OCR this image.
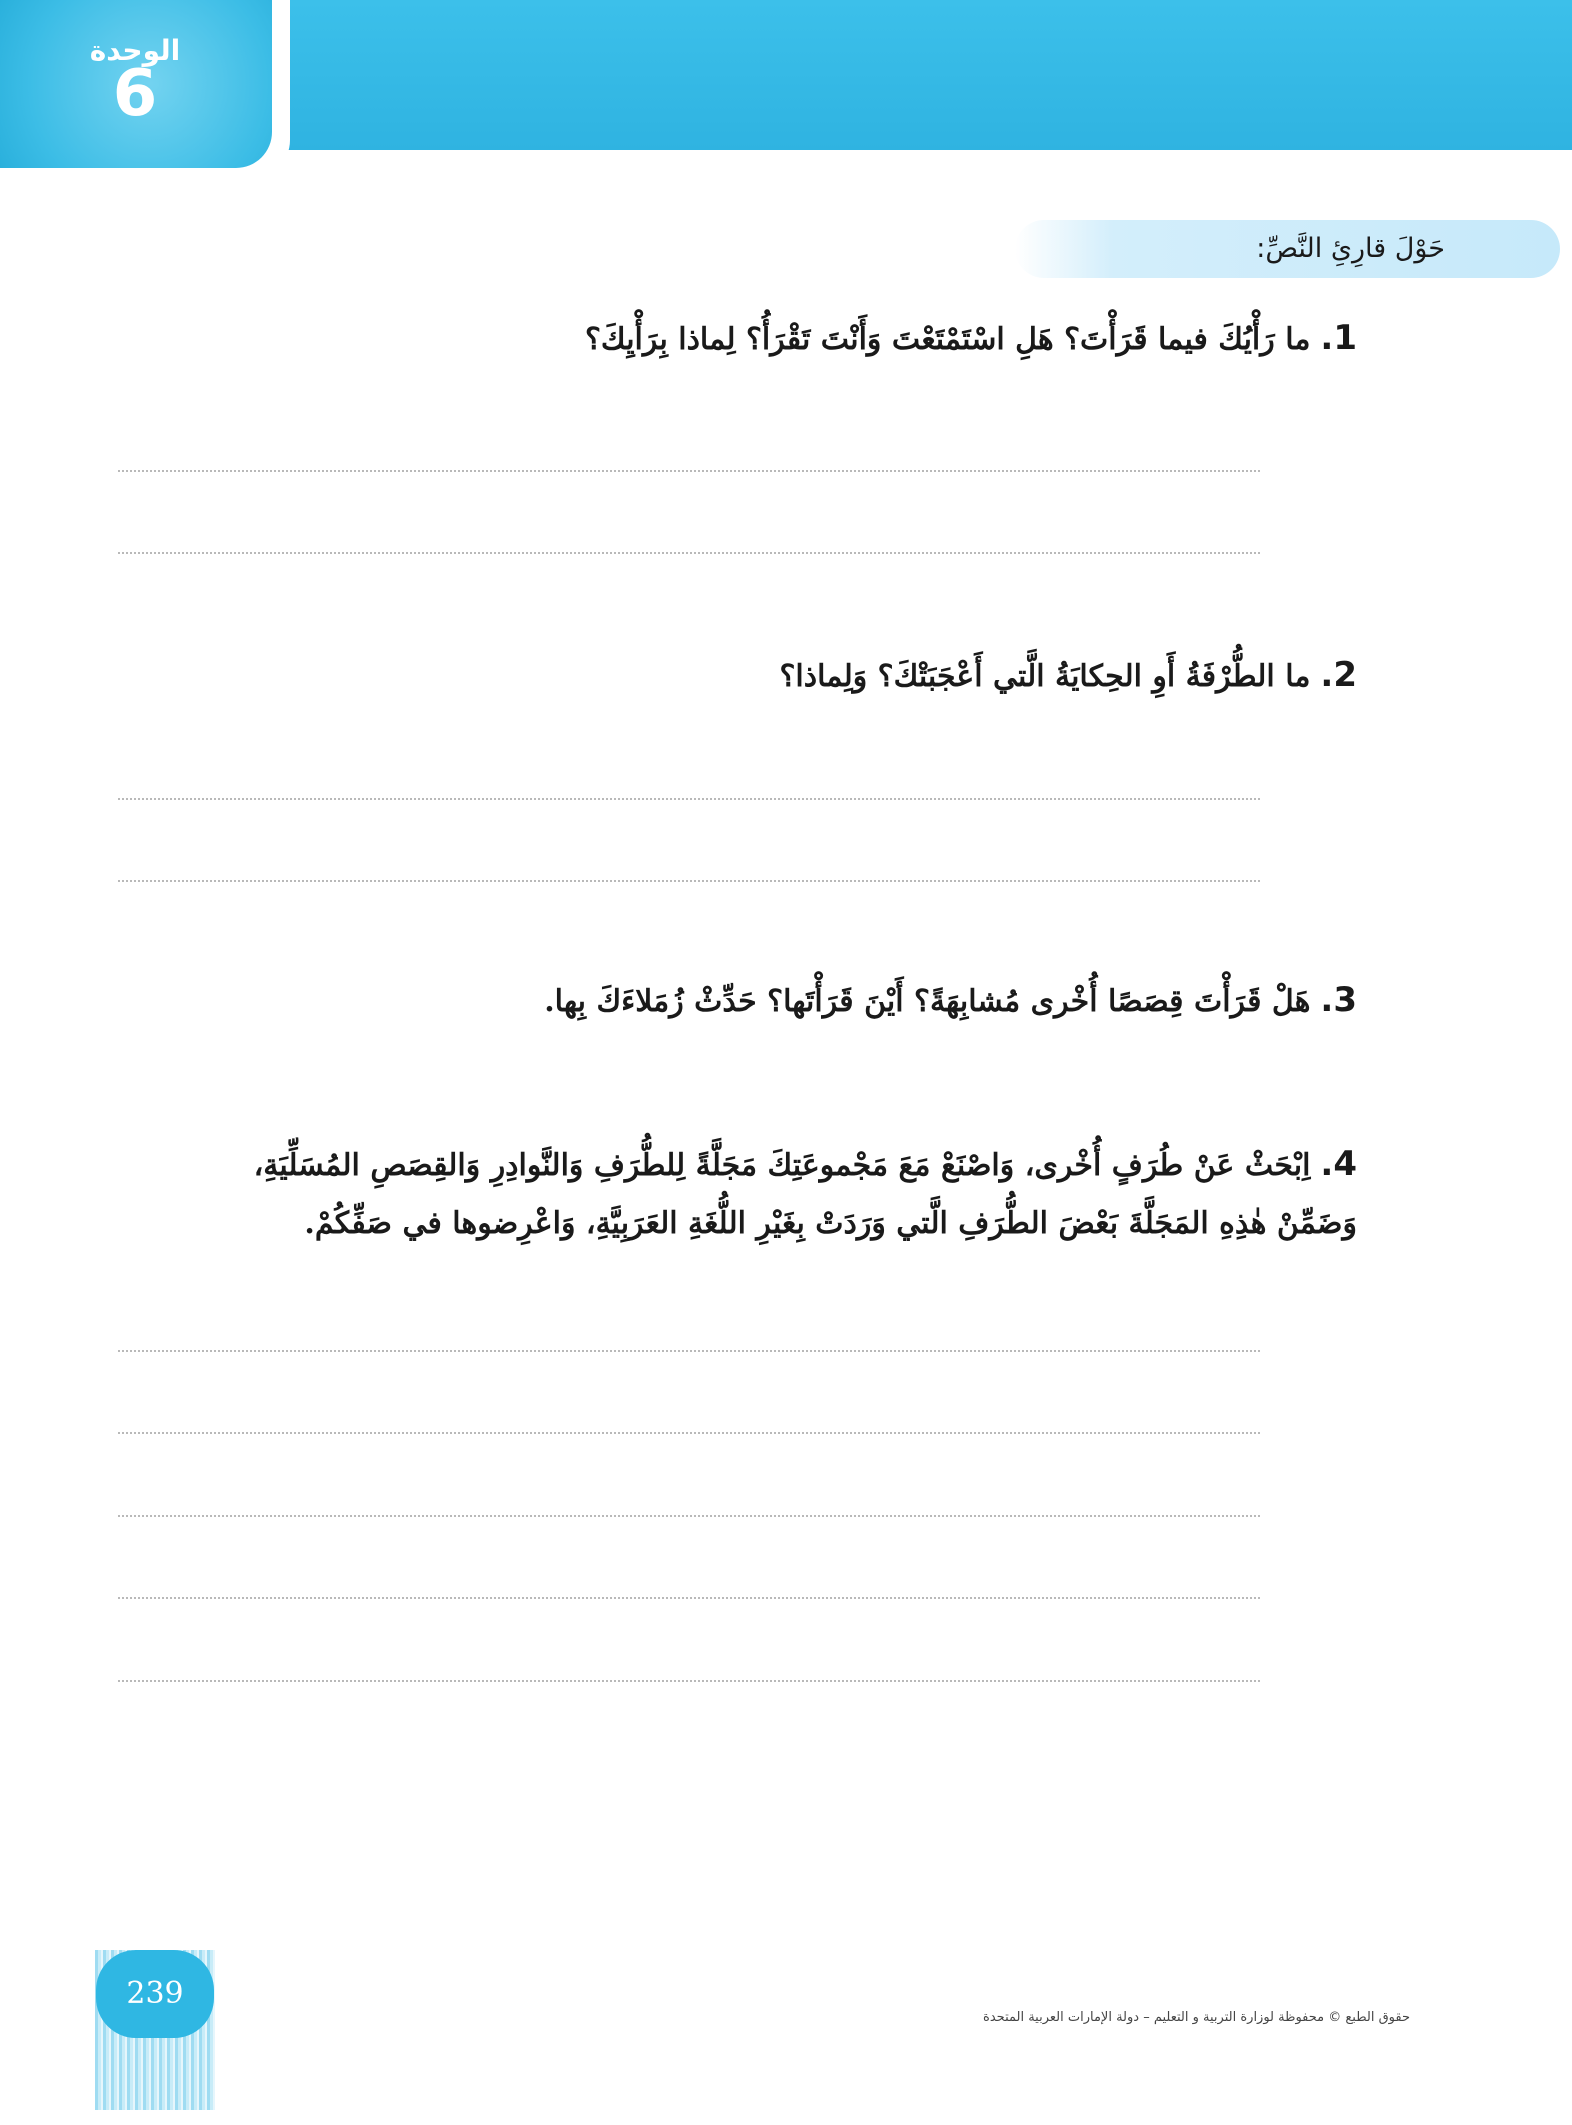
الوحدة
6
حَوْلَ قارِئِ النَّصِّ:
1.ما رَأْيُكَ فيما قَرَأْتَ؟ هَلِ اسْتَمْتَعْتَ وَأَنْتَ تَقْرَأُ؟ لِماذا بِرَأْيِكَ؟
2.ما الطُّرْفَةُ أَوِ الحِكايَةُ الَّتي أَعْجَبَتْكَ؟ وَلِماذا؟
3.هَلْ قَرَأْتَ قِصَصًا أُخْرى مُشابِهَةً؟ أَيْنَ قَرَأْتَها؟ حَدِّثْ زُمَلاءَكَ بِها.
4.اِبْحَثْ عَنْ طُرَفٍ أُخْرى، وَاصْنَعْ مَعَ مَجْموعَتِكَ مَجَلَّةً لِلطُّرَفِ وَالنَّوادِرِ وَالقِصَصِ المُسَلِّيَةِ،
وَضَمِّنْ هٰذِهِ المَجَلَّةَ بَعْضَ الطُّرَفِ الَّتي وَرَدَتْ بِغَيْرِ اللُّغَةِ العَرَبِيَّةِ، وَاعْرِضوها في صَفِّكُمْ.
239
حقوق الطبع © محفوظة لوزارة التربية و التعليم – دولة الإمارات العربية المتحدة
